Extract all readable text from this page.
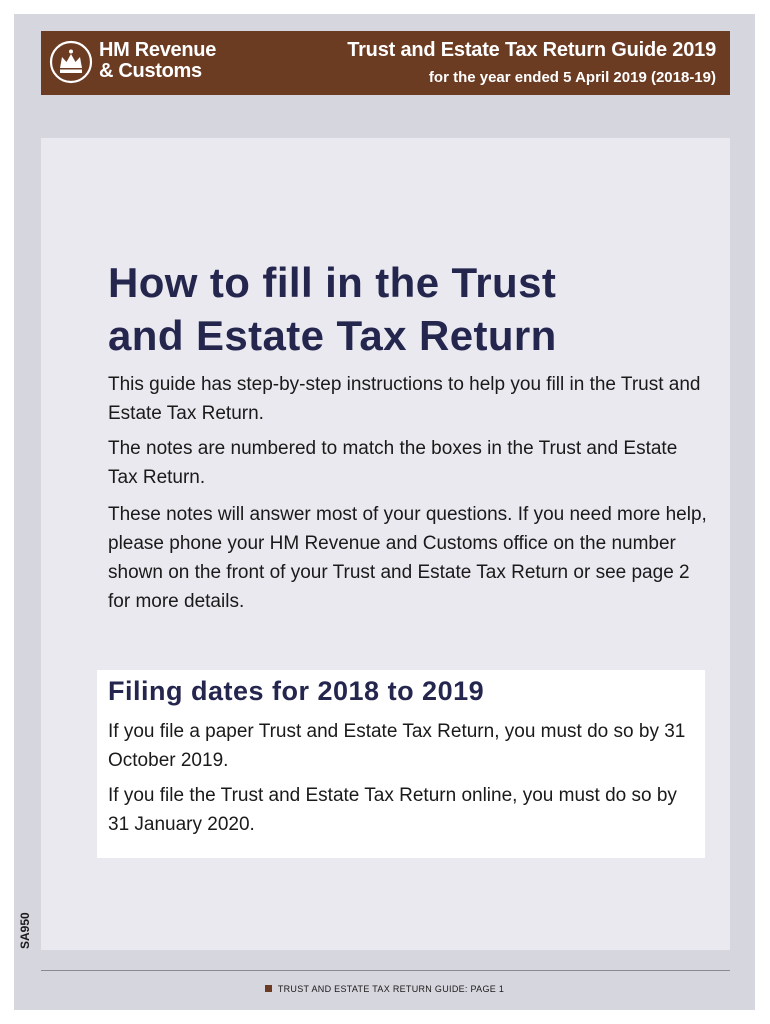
HM Revenue
& Customs
Trust and Estate Tax Return Guide 2019
for the year ended 5 April 2019 (2018-19)
How to fill in the Trust
and Estate Tax Return

This guide has step-by-step instructions to help you fill in the Trust and Estate Tax Return.

The notes are numbered to match the boxes in the Trust and Estate Tax Return.

These notes will answer most of your questions. If you need more help, please phone your HM Revenue and Customs office on the number shown on the front of your Trust and Estate Tax Return or see page 2 for more details.

Filing dates for 2018 to 2019

If you file a paper Trust and Estate Tax Return, you must do so by 31 October 2019.

If you file the Trust and Estate Tax Return online, you must do so by 31 January 2020.

SA950
TRUST AND ESTATE TAX RETURN GUIDE: PAGE 1
